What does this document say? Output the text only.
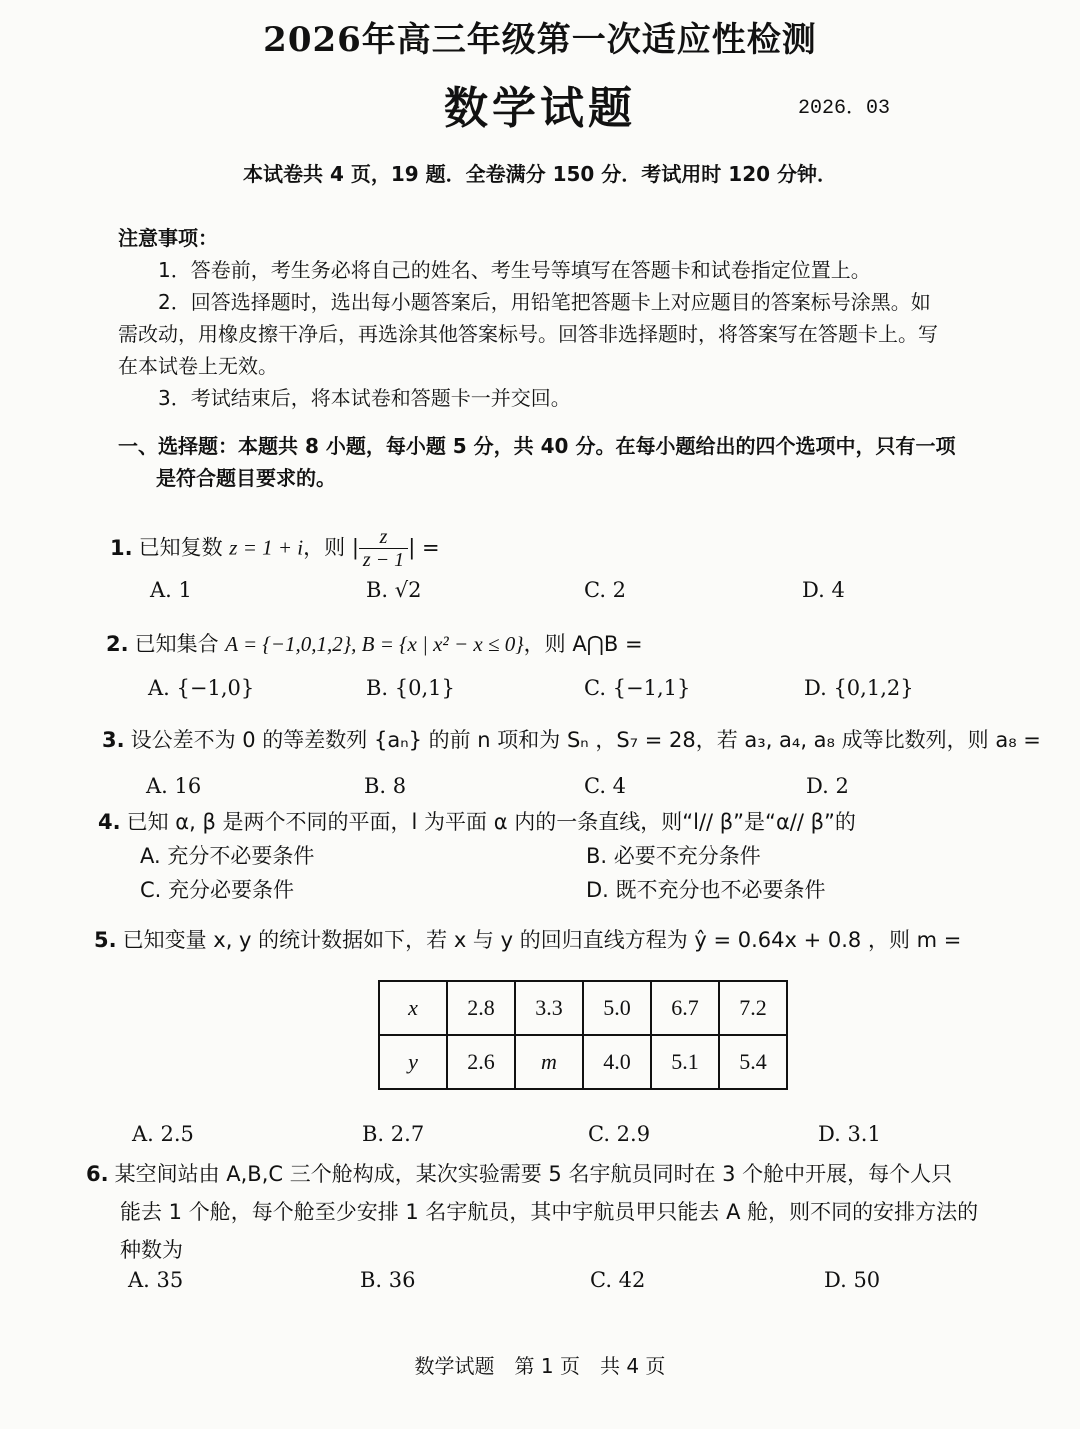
2026年高三年级第一次适应性检测
数学试题	2026．03
本试卷共 4 页，19 题．全卷满分 150 分．考试用时 120 分钟．
注意事项：
1．答卷前，考生务必将自己的姓名、考生号等填写在答题卡和试卷指定位置上。
2．回答选择题时，选出每小题答案后，用铅笔把答题卡上对应题目的答案标号涂黑。如
需改动，用橡皮擦干净后，再选涂其他答案标号。回答非选择题时，将答案写在答题卡上。写
在本试卷上无效。
3．考试结束后，将本试卷和答题卡一并交回。
一、选择题：本题共 8 小题，每小题 5 分，共 40 分。在每小题给出的四个选项中，只有一项
是符合题目要求的。
1. 已知复数 z = 1 + i，则 | $\frac{z}{z - 1}$ | =
A. 1	B. √2	C. 2	D. 4
2. 已知集合 A = {−1,0,1,2}, B = {x | x² − x ≤ 0}，则 A⋂B =
A. {−1,0}	B. {0,1}	C. {−1,1}	D. {0,1,2}
3. 设公差不为 0 的等差数列 {aₙ} 的前 n 项和为 Sₙ ，S₇ = 28，若 a₃, a₄, a₈ 成等比数列，则 a₈ =
A. 16	B. 8	C. 4	D. 2
4. 已知 α, β 是两个不同的平面，l 为平面 α 内的一条直线，则“l// β”是“α// β”的
A. 充分不必要条件	B. 必要不充分条件
C. 充分必要条件	D. 既不充分也不必要条件
5. 已知变量 x, y 的统计数据如下，若 x 与 y 的回归直线方程为 ŷ = 0.64x + 0.8 ，则 m =
x	2.8	3.3	5.0	6.7	7.2
y	2.6	m	4.0	5.1	5.4
A. 2.5	B. 2.7	C. 2.9	D. 3.1
6. 某空间站由 A,B,C 三个舱构成，某次实验需要 5 名宇航员同时在 3 个舱中开展，每个人只
能去 1 个舱，每个舱至少安排 1 名宇航员，其中宇航员甲只能去 A 舱，则不同的安排方法的
种数为
A. 35	B. 36	C. 42	D. 50
数学试题　第 1 页　共 4 页
